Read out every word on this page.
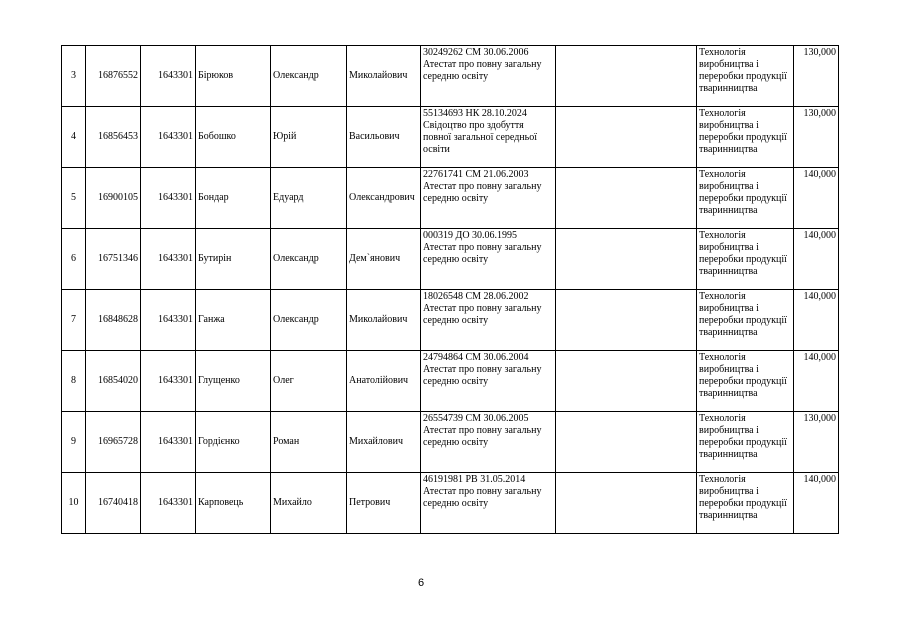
3	16876552	1643301	Бірюков	Олександр	Миколайович	30249262 СМ 30.06.2006
Атестат про повну загальну середню освіту		Технологія виробництва і переробки продукції тваринництва	130,000
4	16856453	1643301	Бобошко	Юрій	Васильович	55134693 НК 28.10.2024
Свідоцтво про здобуття повної загальної середньої освіти		Технологія виробництва і переробки продукції тваринництва	130,000
5	16900105	1643301	Бондар	Едуард	Олександрович	22761741 СМ 21.06.2003
Атестат про повну загальну середню освіту		Технологія виробництва і переробки продукції тваринництва	140,000
6	16751346	1643301	Бутирін	Олександр	Дем`янович	000319 ДО 30.06.1995
Атестат про повну загальну середню освіту		Технологія виробництва і переробки продукції тваринництва	140,000
7	16848628	1643301	Ганжа	Олександр	Миколайович	18026548 СМ 28.06.2002
Атестат про повну загальну середню освіту		Технологія виробництва і переробки продукції тваринництва	140,000
8	16854020	1643301	Глущенко	Олег	Анатолійович	24794864 СМ 30.06.2004
Атестат про повну загальну середню освіту		Технологія виробництва і переробки продукції тваринництва	140,000
9	16965728	1643301	Гордієнко	Роман	Михайлович	26554739 СМ 30.06.2005
Атестат про повну загальну середню освіту		Технологія виробництва і переробки продукції тваринництва	130,000
10	16740418	1643301	Карповець	Михайло	Петрович	46191981 РВ 31.05.2014
Атестат про повну загальну середню освіту		Технологія виробництва і переробки продукції тваринництва	140,000
6
